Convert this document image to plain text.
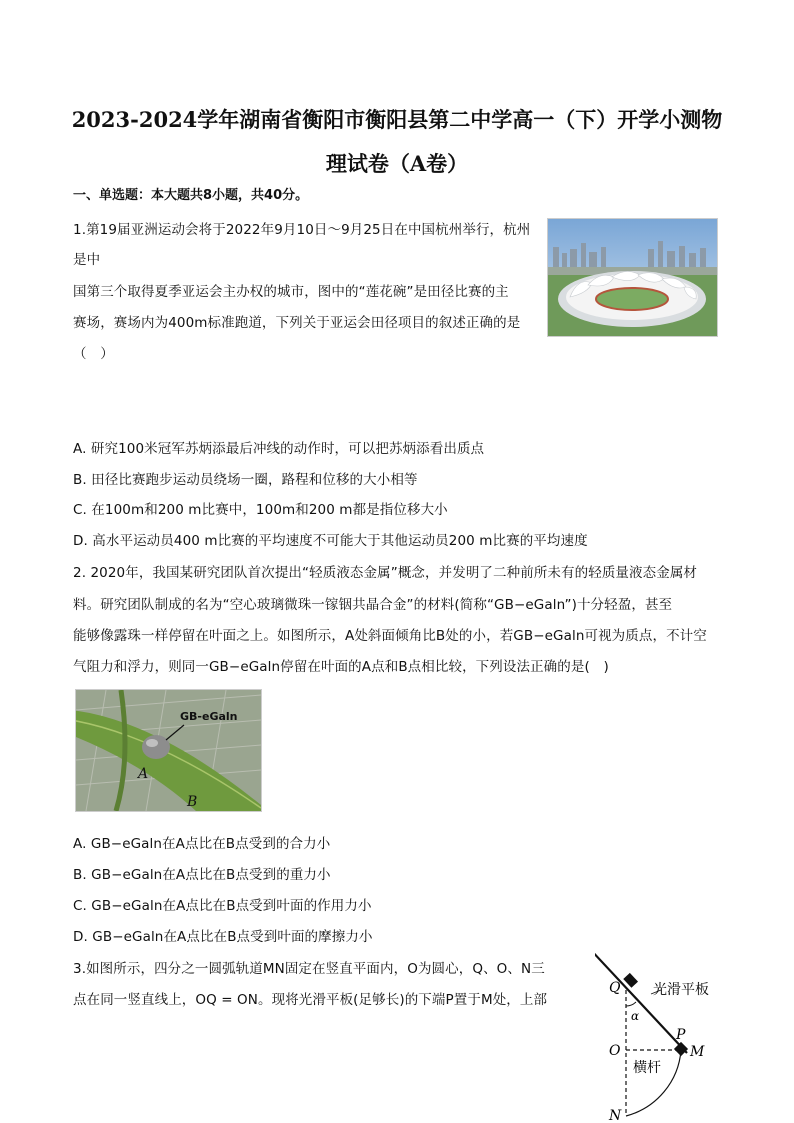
2023-2024学年湖南省衡阳市衡阳县第二中学高一（下）开学小测物
理试卷（A卷）
一、单选题：本大题共8小题，共40分。
1.第19届亚洲运动会将于2022年9月10日～9月25日在中国杭州举行，杭州
是中
国第三个取得夏季亚运会主办权的城市，图中的“莲花碗”是田径比赛的主
赛场，赛场内为400m标准跑道，下列关于亚运会田径项目的叙述正确的是
（　）
A. 研究100米冠军苏炳添最后冲线的动作时，可以把苏炳添看出质点
B. 田径比赛跑步运动员绕场一圈，路程和位移的大小相等
C. 在100m和200 m比赛中，100m和200 m都是指位移大小
D. 高水平运动员400 m比赛的平均速度不可能大于其他运动员200 m比赛的平均速度
2. 2020年，我国某研究团队首次提出“轻质液态金属”概念，并发明了二种前所未有的轻质量液态金属材
料。研究团队制成的名为“空心玻璃微珠一镓铟共晶合金”的材料(简称“GB−eGaln”)十分轻盈，甚至
能够像露珠一样停留在叶面之上。如图所示，A处斜面倾角比B处的小，若GB−eGaln可视为质点，不计空
气阻力和浮力，则同一GB−eGaln停留在叶面的A点和B点相比较，下列设法正确的是(　)
GB-eGaln
A
B
A. GB−eGaln在A点比在B点受到的合力小
B. GB−eGaln在A点比在B点受到的重力小
C. GB−eGaln在A点比在B点受到叶面的作用力小
D. GB−eGaln在A点比在B点受到叶面的摩擦力小
3.如图所示，四分之一圆弧轨道MN固定在竖直平面内，O为圆心，Q、O、N三
点在同一竖直线上，OQ = ON。现将光滑平板(足够长)的下端P置于M处，上部
Q
α
O
N
P
M
光滑平板
横杆
